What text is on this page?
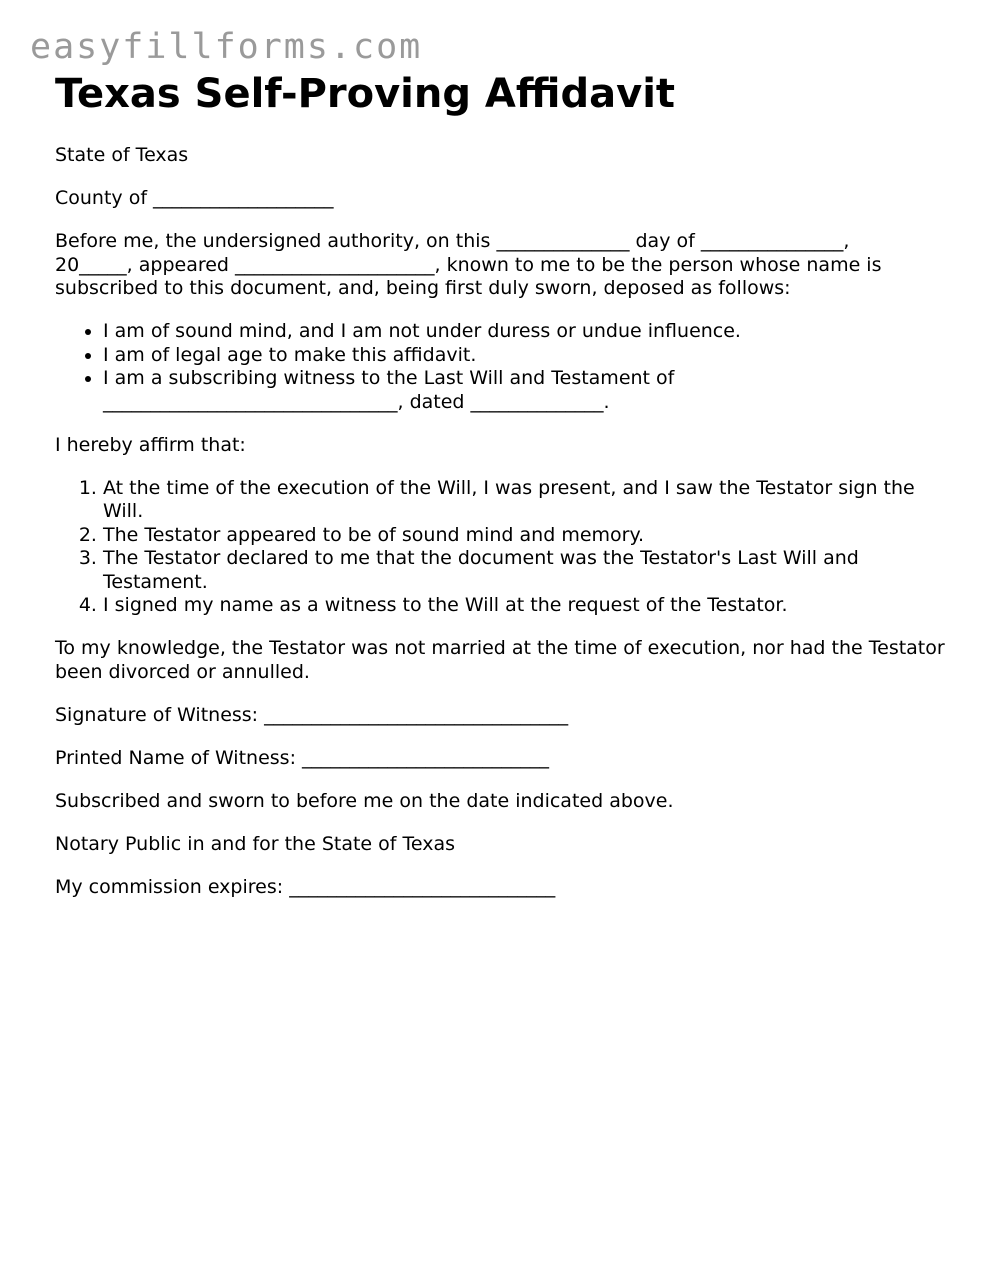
easyfillforms.com
Texas Self-Proving Affidavit

State of Texas

County of ___________________

Before me, the undersigned authority, on this ______________ day of _______________,
20_____, appeared _____________________, known to me to be the person whose name is
subscribed to this document, and, being first duly sworn, deposed as follows:

• I am of sound mind, and I am not under duress or undue influence.
• I am of legal age to make this affidavit.
• I am a subscribing witness to the Last Will and Testament of _______________________________, dated ______________.

I hereby affirm that:

1. At the time of the execution of the Will, I was present, and I saw the Testator sign the Will.
2. The Testator appeared to be of sound mind and memory.
3. The Testator declared to me that the document was the Testator's Last Will and Testament.
4. I signed my name as a witness to the Will at the request of the Testator.

To my knowledge, the Testator was not married at the time of execution, nor had the Testator been divorced or annulled.

Signature of Witness: ________________________________

Printed Name of Witness: __________________________

Subscribed and sworn to before me on the date indicated above.

Notary Public in and for the State of Texas

My commission expires: ____________________________
